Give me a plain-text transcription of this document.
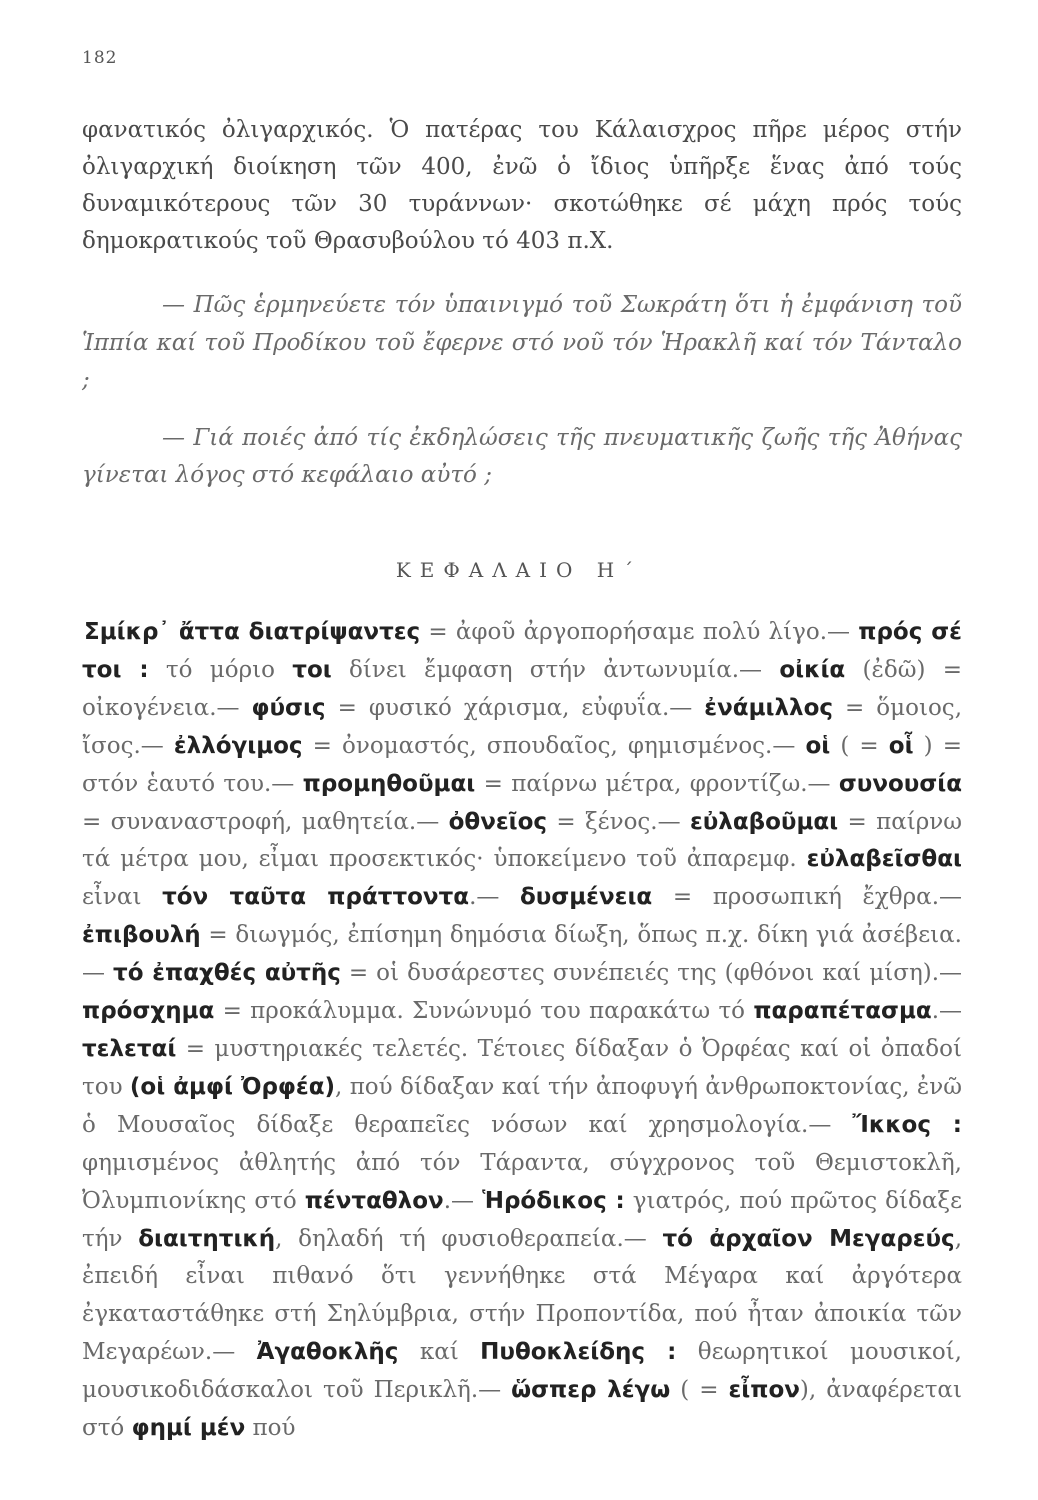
182

φανατικός ὀλιγαρχικός. Ὁ πατέρας του Κάλαισχρος πῆρε μέρος στήν ὀλιγαρχική διοίκηση τῶν 400, ἐνῶ ὁ ἴδιος ὑπῆρξε ἕνας ἀπό τούς δυναμικότερους τῶν 30 τυράννων· σκοτώθηκε σέ μάχη πρός τούς δημοκρατικούς τοῦ Θρασυβούλου τό 403 π.Χ.

— Πῶς ἑρμηνεύετε τόν ὑπαινιγμό τοῦ Σωκράτη ὅτι ἡ ἐμφάνιση τοῦ Ἱππία καί τοῦ Προδίκου τοῦ ἔφερνε στό νοῦ τόν Ἡρακλῆ καί τόν Τάνταλο ;

— Γιά ποιές ἀπό τίς ἐκδηλώσεις τῆς πνευματικῆς ζωῆς τῆς Ἀθήνας γίνεται λόγος στό κεφάλαιο αὐτό ;

ΚΕΦΑΛΑΙΟ Η΄

Σμίκρ᾽ ἄττα διατρίψαντες = ἀφοῦ ἀργοπορήσαμε πολύ λίγο.— πρός σέ τοι : τό μόριο τοι δίνει ἔμφαση στήν ἀντωνυμία.— οἰκία (ἐδῶ) = οἰκογένεια.— φύσις = φυσικό χάρισμα, εὐφυΐα.— ἐνάμιλλος = ὅμοιος, ἴσος.— ἐλλόγιμος = ὀνομαστός, σπουδαῖος, φημισμένος.— οἱ ( = οἷ ) = στόν ἑαυτό του.— προμηθοῦμαι = παίρνω μέτρα, φροντίζω.— συνουσία = συναναστροφή, μαθητεία.— ὀθνεῖος = ξένος.— εὐλαβοῦμαι = παίρνω τά μέτρα μου, εἶμαι προσεκτικός· ὑποκείμενο τοῦ ἀπαρεμφ. εὐλαβεῖσθαι εἶναι τόν ταῦτα πράττοντα.— δυσμένεια = προσωπική ἔχθρα.— ἐπιβουλή = διωγμός, ἐπίσημη δημόσια δίωξη, ὅπως π.χ. δίκη γιά ἀσέβεια.— τό ἐπαχθές αὐτῆς = οἱ δυσάρεστες συνέπειές της (φθόνοι καί μίση).— πρόσχημα = προκάλυμμα. Συνώνυμό του παρακάτω τό παραπέτασμα.— τελεταί = μυστηριακές τελετές. Τέτοιες δίδαξαν ὁ Ὀρφέας καί οἱ ὀπαδοί του (οἱ ἀμφί Ὀρφέα), πού δίδαξαν καί τήν ἀποφυγή ἀνθρωποκτονίας, ἐνῶ ὁ Μουσαῖος δίδαξε θεραπεῖες νόσων καί χρησμολογία.— Ἴκκος : φημισμένος ἀθλητής ἀπό τόν Τάραντα, σύγχρονος τοῦ Θεμιστοκλῆ, Ὀλυμπιονίκης στό πένταθλον.— Ἡρόδικος : γιατρός, πού πρῶτος δίδαξε τήν διαιτητική, δηλαδή τή φυσιοθεραπεία.— τό ἀρχαῖον Μεγαρεύς, ἐπειδή εἶναι πιθανό ὅτι γεννήθηκε στά Μέγαρα καί ἀργότερα ἐγκαταστάθηκε στή Σηλύμβρια, στήν Προποντίδα, πού ἦταν ἀποικία τῶν Μεγαρέων.— Ἀγαθοκλῆς καί Πυθοκλείδης : θεωρητικοί μουσικοί, μουσικοδιδάσκαλοι τοῦ Περικλῆ.— ὥσπερ λέγω ( = εἶπον), ἀναφέρεται στό φημί μέν πού
